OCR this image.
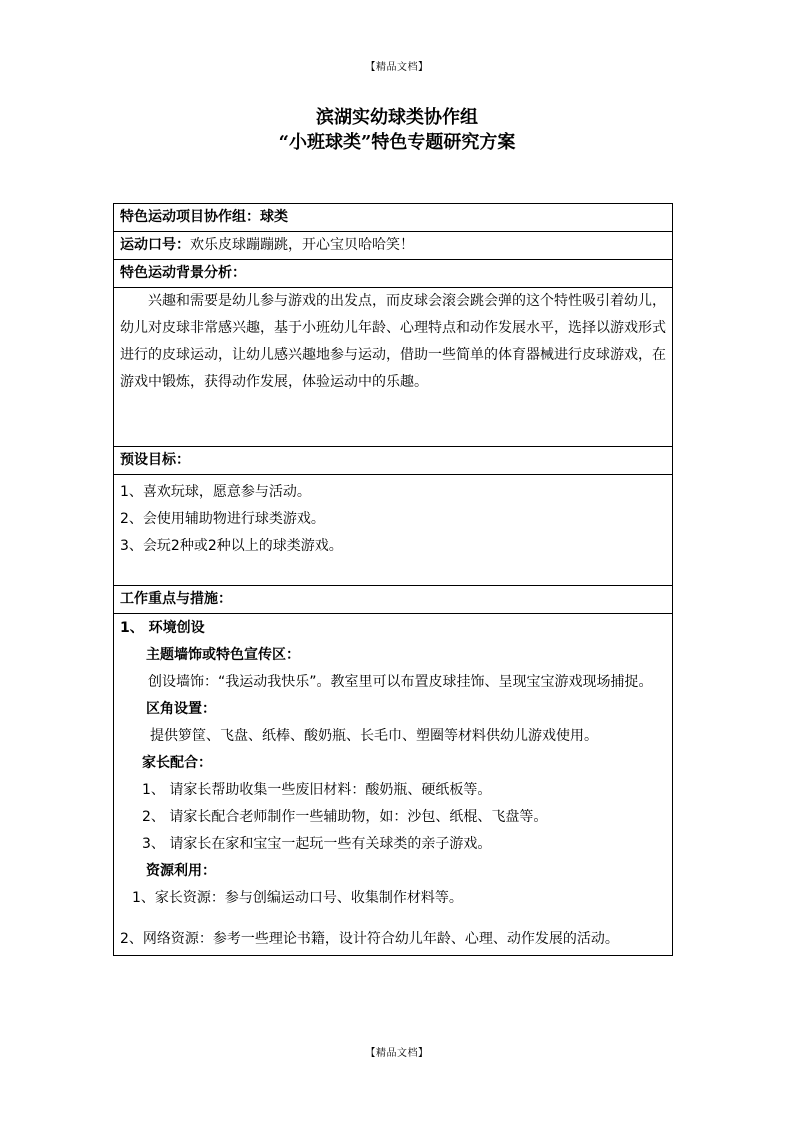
【精品文档】
滨湖实幼球类协作组
“小班球类”特色专题研究方案
特色运动项目协作组：球类
运动口号：欢乐皮球蹦蹦跳，开心宝贝哈哈笑！
特色运动背景分析：

兴趣和需要是幼儿参与游戏的出发点，而皮球会滚会跳会弹的这个特性吸引着幼儿，幼儿对皮球非常感兴趣，基于小班幼儿年龄、心理特点和动作发展水平，选择以游戏形式进行的皮球运动，让幼儿感兴趣地参与运动，借助一些简单的体育器械进行皮球游戏，在游戏中锻炼，获得动作发展，体验运动中的乐趣。

预设目标：

1、喜欢玩球，愿意参与活动。
2、会使用辅助物进行球类游戏。
3、会玩2种或2种以上的球类游戏。

工作重点与措施：

1、 环境创设
主题墙饰或特色宣传区：
创设墙饰：“我运动我快乐”。教室里可以布置皮球挂饰、呈现宝宝游戏现场捕捉。
区角设置：
提供箩筐、飞盘、纸棒、酸奶瓶、长毛巾、塑圈等材料供幼儿游戏使用。
家长配合：
1、 请家长帮助收集一些废旧材料：酸奶瓶、硬纸板等。
2、 请家长配合老师制作一些辅助物，如：沙包、纸棍、飞盘等。
3、 请家长在家和宝宝一起玩一些有关球类的亲子游戏。
资源利用：
1、家长资源：参与创编运动口号、收集制作材料等。
2、网络资源：参考一些理论书籍，设计符合幼儿年龄、心理、动作发展的活动。
【精品文档】
